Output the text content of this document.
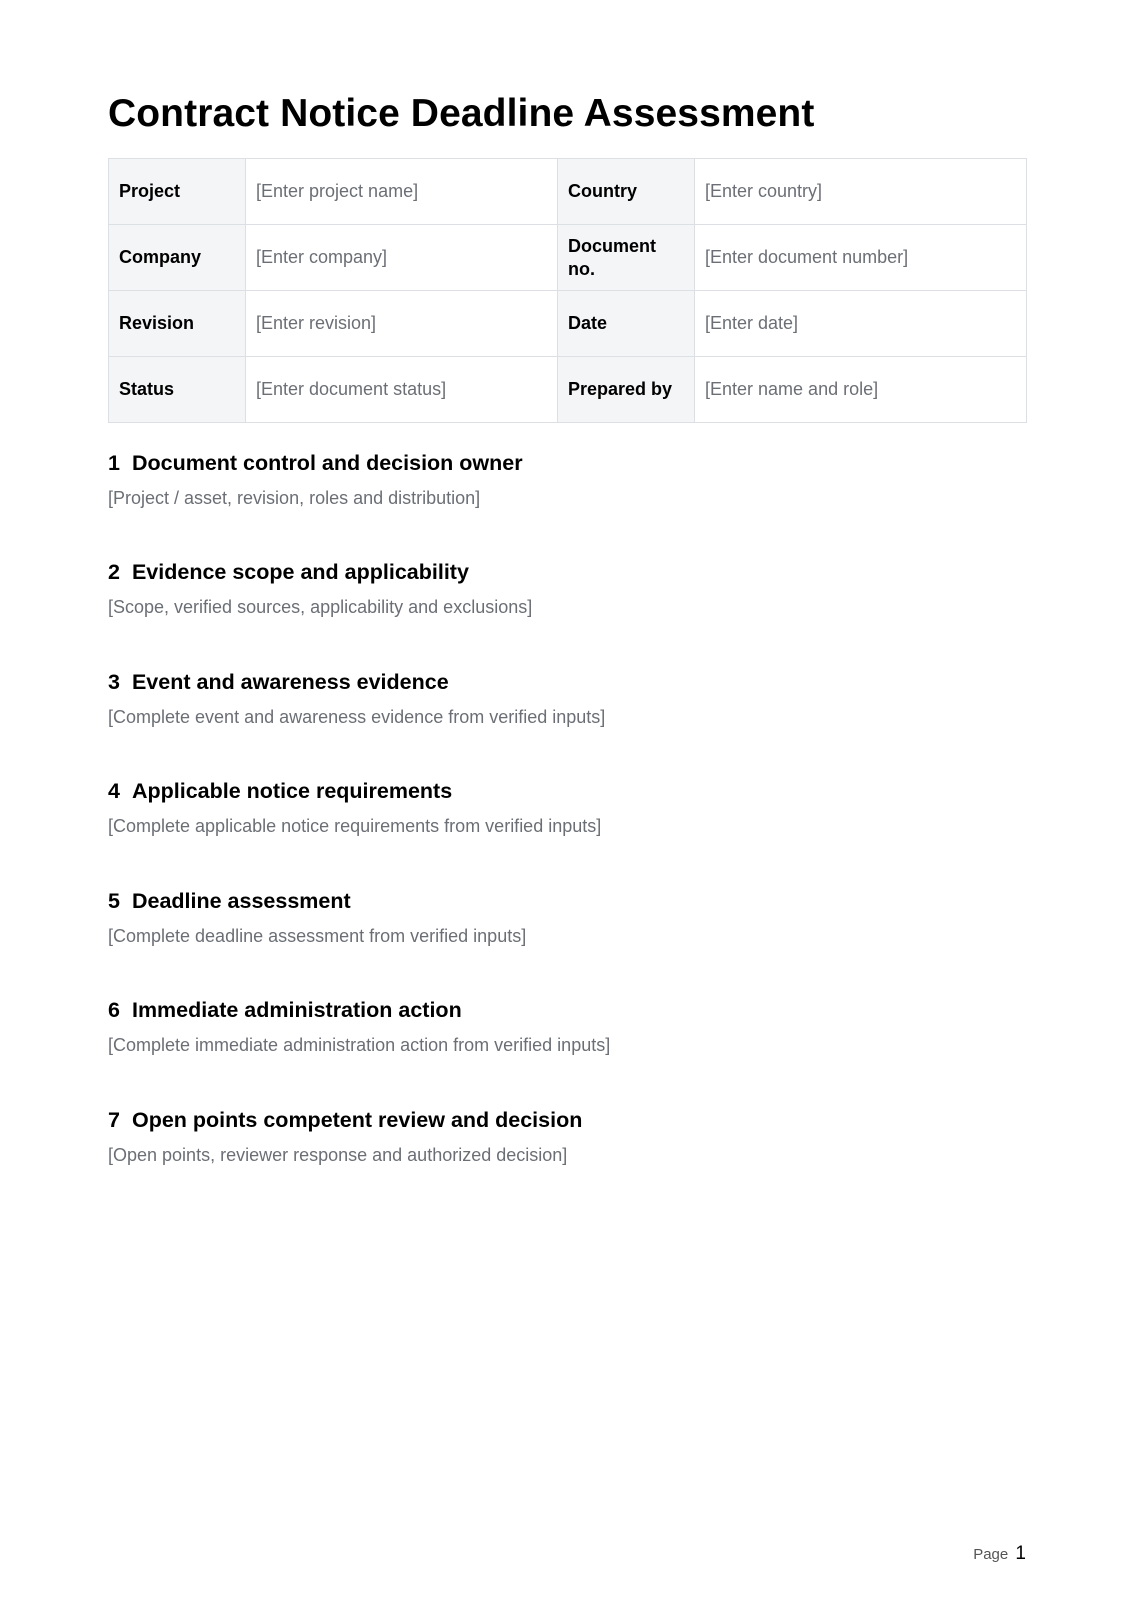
Contract Notice Deadline Assessment
Project	[Enter project name]	Country	[Enter country]
Company	[Enter company]	Document no.	[Enter document number]
Revision	[Enter revision]	Date	[Enter date]
Status	[Enter document status]	Prepared by	[Enter name and role]
1 Document control and decision owner

[Project / asset, revision, roles and distribution]

2 Evidence scope and applicability

[Scope, verified sources, applicability and exclusions]

3 Event and awareness evidence

[Complete event and awareness evidence from verified inputs]

4 Applicable notice requirements

[Complete applicable notice requirements from verified inputs]

5 Deadline assessment

[Complete deadline assessment from verified inputs]

6 Immediate administration action

[Complete immediate administration action from verified inputs]

7 Open points competent review and decision

[Open points, reviewer response and authorized decision]

Page 1
